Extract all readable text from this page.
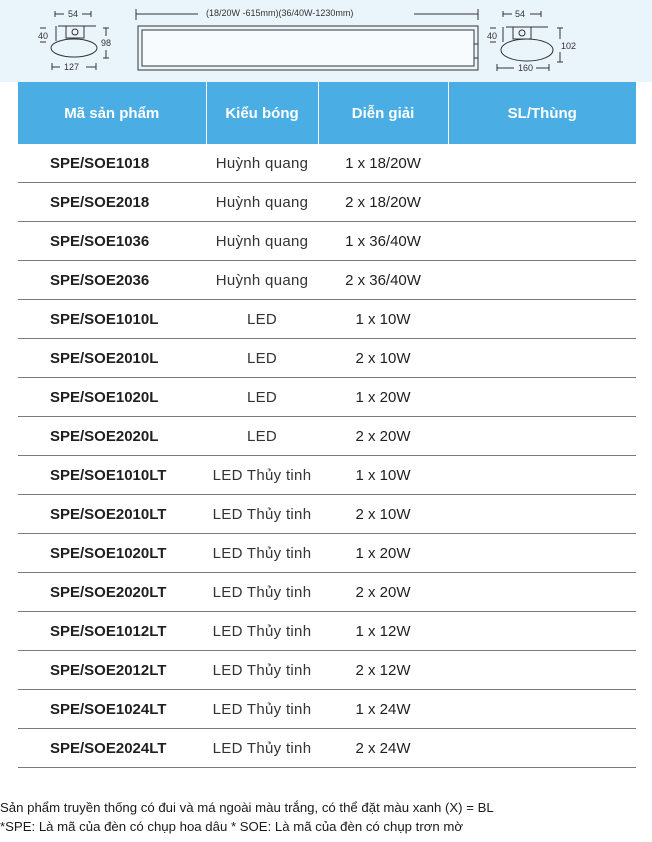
54
40
98
127
(18/20W -615mm)(36/40W-1230mm)	54
40
102
160
Mã sản phẩm	Kiểu bóng	Diễn giải	SL/Thùng
SPE/SOE1018	Huỳnh quang	1 x 18/20W	
SPE/SOE2018	Huỳnh quang	2 x 18/20W	
SPE/SOE1036	Huỳnh quang	1 x 36/40W	
SPE/SOE2036	Huỳnh quang	2 x 36/40W	
SPE/SOE1010L	LED	1 x 10W	
SPE/SOE2010L	LED	2 x 10W	
SPE/SOE1020L	LED	1 x 20W	
SPE/SOE2020L	LED	2 x 20W	
SPE/SOE1010LT	LED Thủy tinh	1 x 10W	
SPE/SOE2010LT	LED Thủy tinh	2 x 10W	
SPE/SOE1020LT	LED Thủy tinh	1 x 20W	
SPE/SOE2020LT	LED Thủy tinh	2 x 20W	
SPE/SOE1012LT	LED Thủy tinh	1 x 12W	
SPE/SOE2012LT	LED Thủy tinh	2 x 12W	
SPE/SOE1024LT	LED Thủy tinh	1 x 24W	
SPE/SOE2024LT	LED Thủy tinh	2 x 24W	
Sản phẩm truyền thống có đui và má ngoài màu trắng, có thể đặt màu xanh (X) = BL
*SPE: Là mã của đèn có chụp hoa dâu * SOE: Là mã của đèn có chụp trơn mờ
